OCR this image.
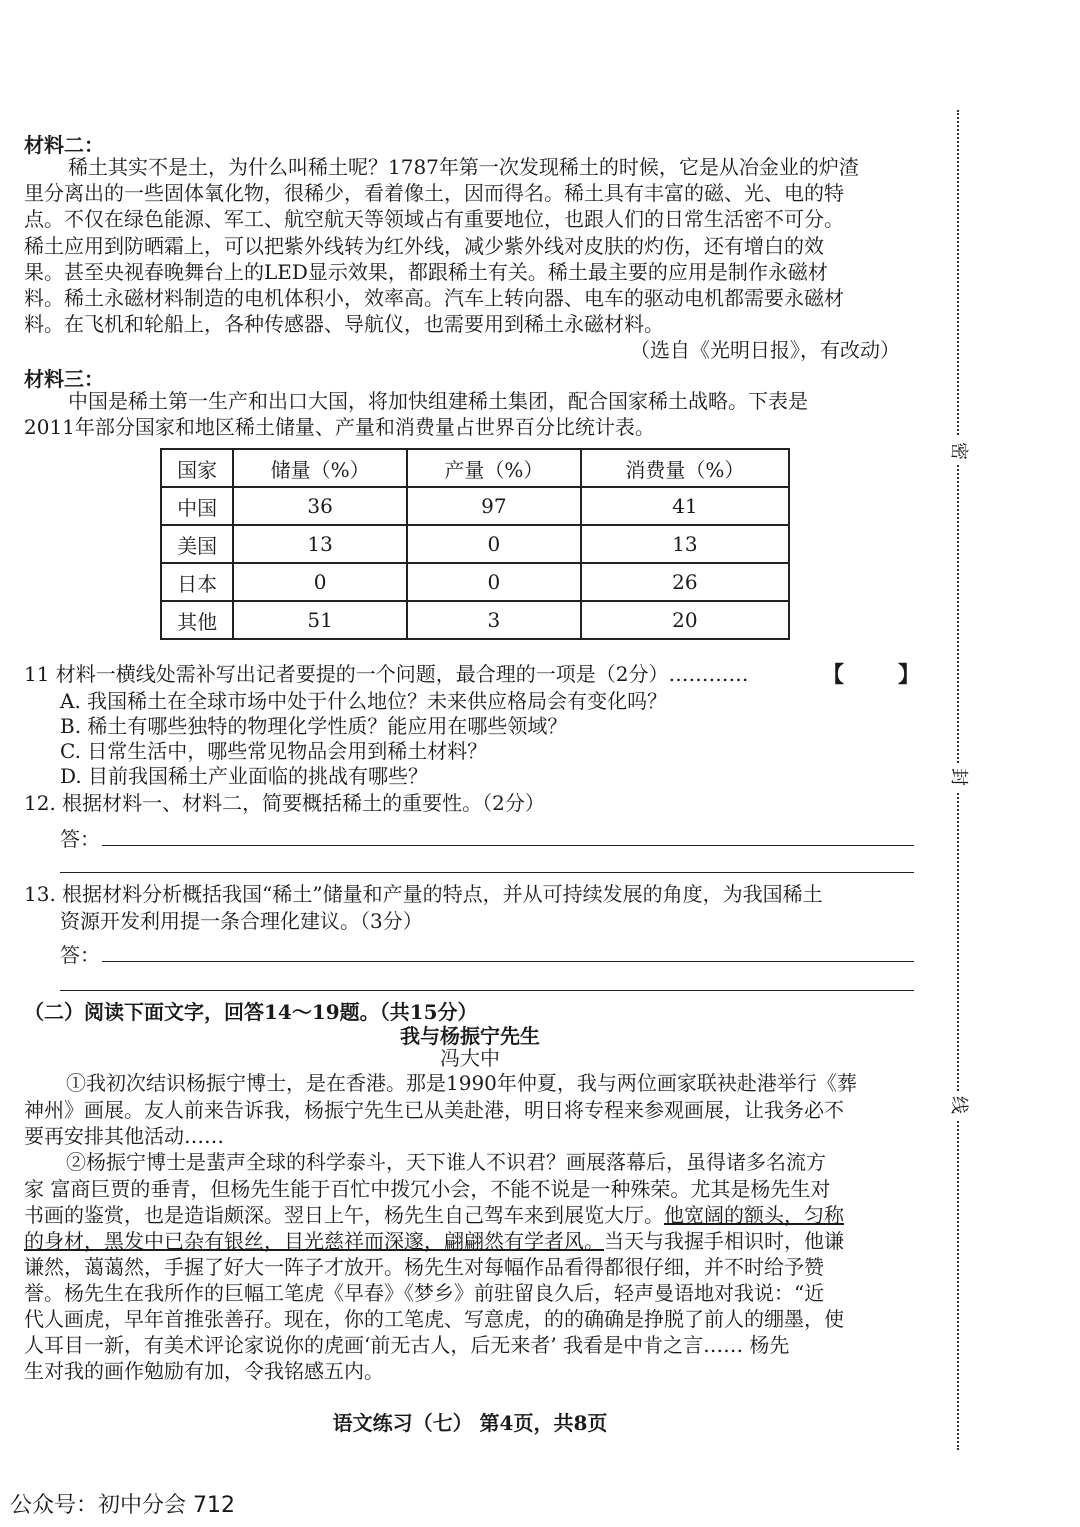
密
封
线
材料二：
稀土其实不是土，为什么叫稀土呢？1787年第一次发现稀土的时候，它是从冶金业的炉渣
里分离出的一些固体氧化物，很稀少，看着像土，因而得名。稀土具有丰富的磁、光、电的特
点。不仅在绿色能源、军工、航空航天等领域占有重要地位，也跟人们的日常生活密不可分。
稀土应用到防晒霜上，可以把紫外线转为红外线，减少紫外线对皮肤的灼伤，还有增白的效
果。甚至央视春晚舞台上的LED显示效果，都跟稀土有关。稀土最主要的应用是制作永磁材
料。稀土永磁材料制造的电机体积小，效率高。汽车上转向器、电车的驱动电机都需要永磁材
料。在飞机和轮船上，各种传感器、导航仪，也需要用到稀土永磁材料。
（选自《光明日报》，有改动）
材料三：
中国是稀土第一生产和出口大国，将加快组建稀土集团，配合国家稀土战略。下表是
2011年部分国家和地区稀土储量、产量和消费量占世界百分比统计表。
国家	储量（%）	产量（%）	消费量（%）
中国	36	97	41
美国	13	0	13
日本	0	0	26
其他	51	3	20
11 材料一横线处需补写出记者要提的一个问题，最合理的一项是（2分）…………	【 】
A. 我国稀土在全球市场中处于什么地位？未来供应格局会有变化吗？
B. 稀土有哪些独特的物理化学性质？能应用在哪些领域？
C. 日常生活中，哪些常见物品会用到稀土材料？
D. 目前我国稀土产业面临的挑战有哪些？
12. 根据材料一、材料二，简要概括稀土的重要性。（2分）
答：
13. 根据材料分析概括我国“稀土”储量和产量的特点，并从可持续发展的角度，为我国稀土
资源开发利用提一条合理化建议。（3分）
答：
（二）阅读下面文字，回答14～19题。（共15分）
我与杨振宁先生
冯大中
①我初次结识杨振宁博士，是在香港。那是1990年仲夏，我与两位画家联袂赴港举行《葬
神州》画展。友人前来告诉我，杨振宁先生已从美赴港，明日将专程来参观画展，让我务必不
要再安排其他活动……
②杨振宁博士是蜚声全球的科学泰斗，天下谁人不识君？画展落幕后，虽得诸多名流方
家 富商巨贾的垂青，但杨先生能于百忙中拨冗小会，不能不说是一种殊荣。尤其是杨先生对
书画的鉴赏，也是造诣颇深。翌日上午，杨先生自己驾车来到展览大厅。他宽阔的额头，匀称
的身材，黑发中已杂有银丝，目光慈祥而深邃，翩翩然有学者风。当天与我握手相识时，他谦
谦然，蔼蔼然，手握了好大一阵子才放开。杨先生对每幅作品看得都很仔细，并不时给予赞
誉。杨先生在我所作的巨幅工笔虎《早春》《梦乡》前驻留良久后，轻声曼语地对我说：“近
代人画虎，早年首推张善孖。现在，你的工笔虎、写意虎，的的确确是挣脱了前人的绷墨，使
人耳目一新，有美术评论家说你的虎画‘前无古人，后无来者’ 我看是中肯之言…… 杨先
生对我的画作勉励有加，令我铭感五内。
语文练习（七） 第4页，共8页
公众号：初中分会 712
